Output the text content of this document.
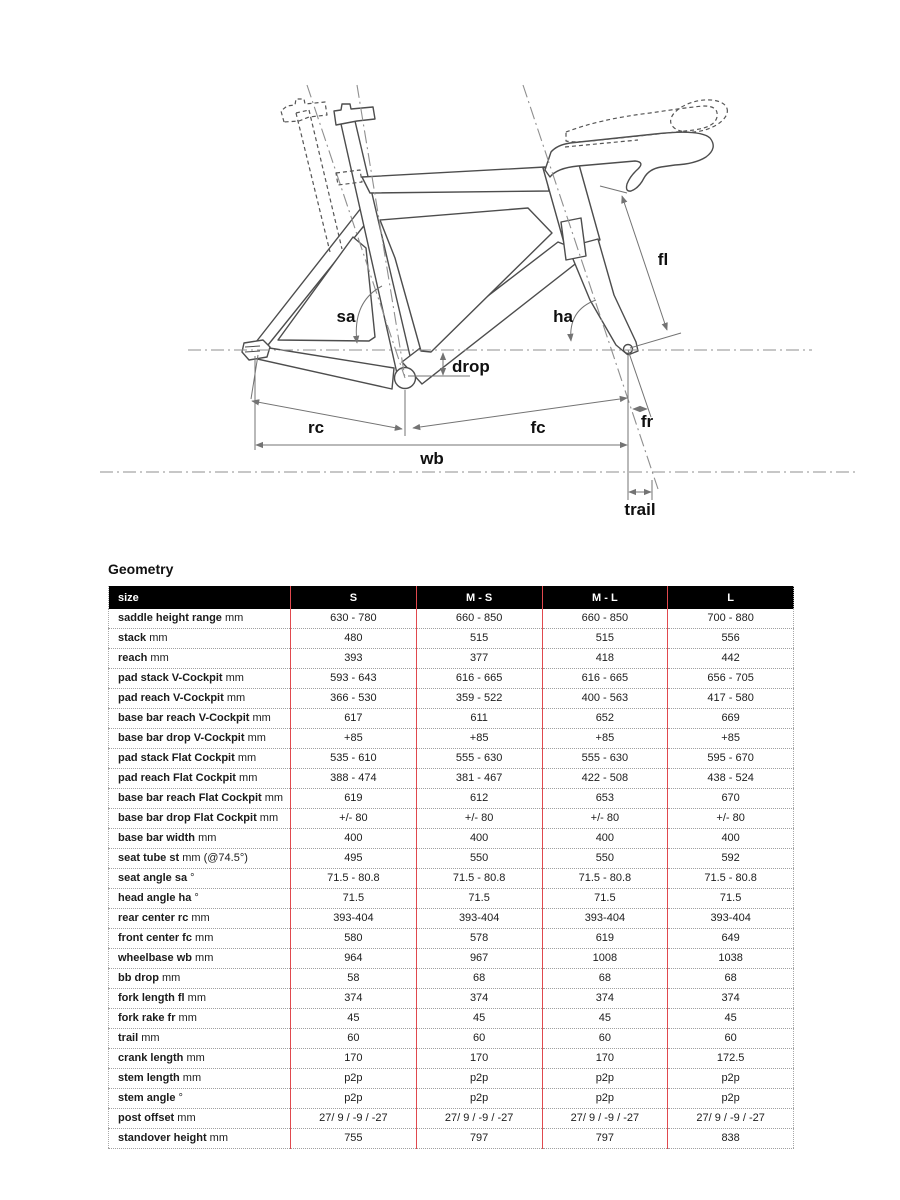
fl
sa	ha
drop
rc	fc	fr
wb
trail
Geometry
size	S	M - S	M - L	L
saddle height range mm	630 - 780	660 - 850	660 - 850	700 - 880
stack mm	480	515	515	556
reach mm	393	377	418	442
pad stack V-Cockpit mm	593 - 643	616 - 665	616 - 665	656 - 705
pad reach V-Cockpit mm	366 - 530	359 - 522	400 - 563	417 - 580
base bar reach V-Cockpit mm	617	611	652	669
base bar drop V-Cockpit mm	+85	+85	+85	+85
pad stack Flat Cockpit mm	535 - 610	555 - 630	555 - 630	595 - 670
pad reach Flat Cockpit mm	388 - 474	381 - 467	422 - 508	438 - 524
base bar reach Flat Cockpit mm	619	612	653	670
base bar drop Flat Cockpit mm	+/- 80	+/- 80	+/- 80	+/- 80
base bar width mm	400	400	400	400
seat tube st mm (@74.5°)	495	550	550	592
seat angle sa °	71.5 - 80.8	71.5 - 80.8	71.5 - 80.8	71.5 - 80.8
head angle ha °	71.5	71.5	71.5	71.5
rear center rc mm	393-404	393-404	393-404	393-404
front center fc mm	580	578	619	649
wheelbase wb mm	964	967	1008	1038
bb drop mm	58	68	68	68
fork length fl mm	374	374	374	374
fork rake fr mm	45	45	45	45
trail mm	60	60	60	60
crank length mm	170	170	170	172.5
stem length mm	p2p	p2p	p2p	p2p
stem angle °	p2p	p2p	p2p	p2p
post offset mm	27/ 9 / -9 / -27	27/ 9 / -9 / -27	27/ 9 / -9 / -27	27/ 9 / -9 / -27
standover height mm	755	797	797	838
